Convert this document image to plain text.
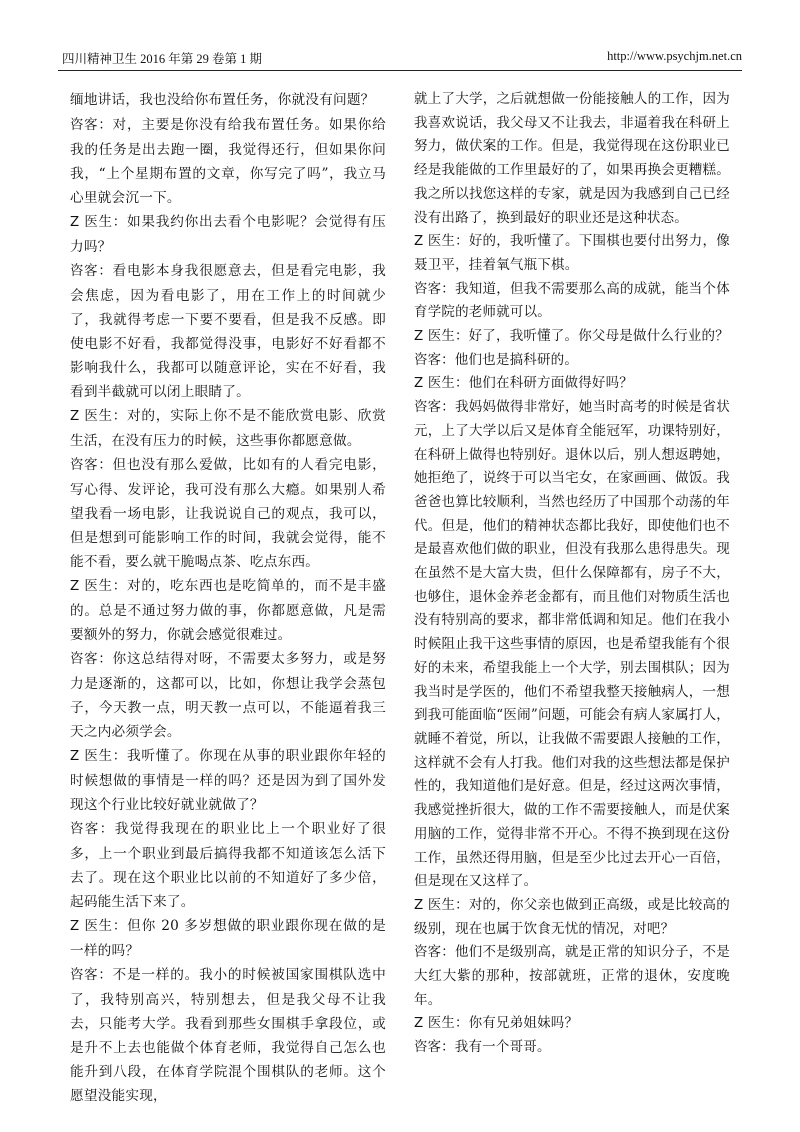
四川精神卫生 2016 年第 29 卷第 1 期	http://www.psychjm.net.cn

缅地讲话，我也没给你布置任务，你就没有问题？

咨客：对，主要是你没有给我布置任务。如果你给我的任务是出去跑一圈，我觉得还行，但如果你问我，“上个星期布置的文章，你写完了吗”，我立马心里就会沉一下。

Z 医生：如果我约你出去看个电影呢？会觉得有压力吗？

咨客：看电影本身我很愿意去，但是看完电影，我会焦虑，因为看电影了，用在工作上的时间就少了，我就得考虑一下要不要看，但是我不反感。即使电影不好看，我都觉得没事，电影好不好看都不影响我什么，我都可以随意评论，实在不好看，我看到半截就可以闭上眼睛了。

Z 医生：对的，实际上你不是不能欣赏电影、欣赏生活，在没有压力的时候，这些事你都愿意做。

咨客：但也没有那么爱做，比如有的人看完电影，写心得、发评论，我可没有那么大瘾。如果别人希望我看一场电影，让我说说自己的观点，我可以，但是想到可能影响工作的时间，我就会觉得，能不能不看，要么就干脆喝点茶、吃点东西。

Z 医生：对的，吃东西也是吃简单的，而不是丰盛的。总是不通过努力做的事，你都愿意做，凡是需要额外的努力，你就会感觉很难过。

咨客：你这总结得对呀，不需要太多努力，或是努力是逐渐的，这都可以，比如，你想让我学会蒸包子，今天教一点，明天教一点可以，不能逼着我三天之内必须学会。

Z 医生：我听懂了。你现在从事的职业跟你年轻的时候想做的事情是一样的吗？还是因为到了国外发现这个行业比较好就业就做了？

咨客：我觉得我现在的职业比上一个职业好了很多，上一个职业到最后搞得我都不知道该怎么活下去了。现在这个职业比以前的不知道好了多少倍，起码能生活下来了。

Z 医生：但你 20 多岁想做的职业跟你现在做的是一样的吗？

咨客：不是一样的。我小的时候被国家围棋队选中了，我特别高兴，特别想去，但是我父母不让我去，只能考大学。我看到那些女围棋手拿段位，或是升不上去也能做个体育老师，我觉得自己怎么也能升到八段，在体育学院混个围棋队的老师。这个愿望没能实现，

就上了大学，之后就想做一份能接触人的工作，因为我喜欢说话，我父母又不让我去，非逼着我在科研上努力，做伏案的工作。但是，我觉得现在这份职业已经是我能做的工作里最好的了，如果再换会更糟糕。我之所以找您这样的专家，就是因为我感到自己已经没有出路了，换到最好的职业还是这种状态。

Z 医生：好的，我听懂了。下围棋也要付出努力，像聂卫平，挂着氧气瓶下棋。

咨客：我知道，但我不需要那么高的成就，能当个体育学院的老师就可以。

Z 医生：好了，我听懂了。你父母是做什么行业的？

咨客：他们也是搞科研的。

Z 医生：他们在科研方面做得好吗？

咨客：我妈妈做得非常好，她当时高考的时候是省状元，上了大学以后又是体育全能冠军，功课特别好，在科研上做得也特别好。退休以后，别人想返聘她，她拒绝了，说终于可以当宅女，在家画画、做饭。我爸爸也算比较顺利，当然也经历了中国那个动荡的年代。但是，他们的精神状态都比我好，即使他们也不是最喜欢他们做的职业，但没有我那么患得患失。现在虽然不是大富大贵，但什么保障都有，房子不大，也够住，退休金养老金都有，而且他们对物质生活也没有特别高的要求，都非常低调和知足。他们在我小时候阻止我干这些事情的原因，也是希望我能有个很好的未来，希望我能上一个大学，别去围棋队；因为我当时是学医的，他们不希望我整天接触病人，一想到我可能面临“医闹”问题，可能会有病人家属打人，就睡不着觉，所以，让我做不需要跟人接触的工作，这样就不会有人打我。他们对我的这些想法都是保护性的，我知道他们是好意。但是，经过这两次事情，我感觉挫折很大，做的工作不需要接触人，而是伏案用脑的工作，觉得非常不开心。不得不换到现在这份工作，虽然还得用脑，但是至少比过去开心一百倍，但是现在又这样了。

Z 医生：对的，你父亲也做到正高级，或是比较高的级别，现在也属于饮食无忧的情况，对吧？

咨客：他们不是级别高，就是正常的知识分子，不是大红大紫的那种，按部就班，正常的退休，安度晚年。

Z 医生：你有兄弟姐妹吗？

咨客：我有一个哥哥。
